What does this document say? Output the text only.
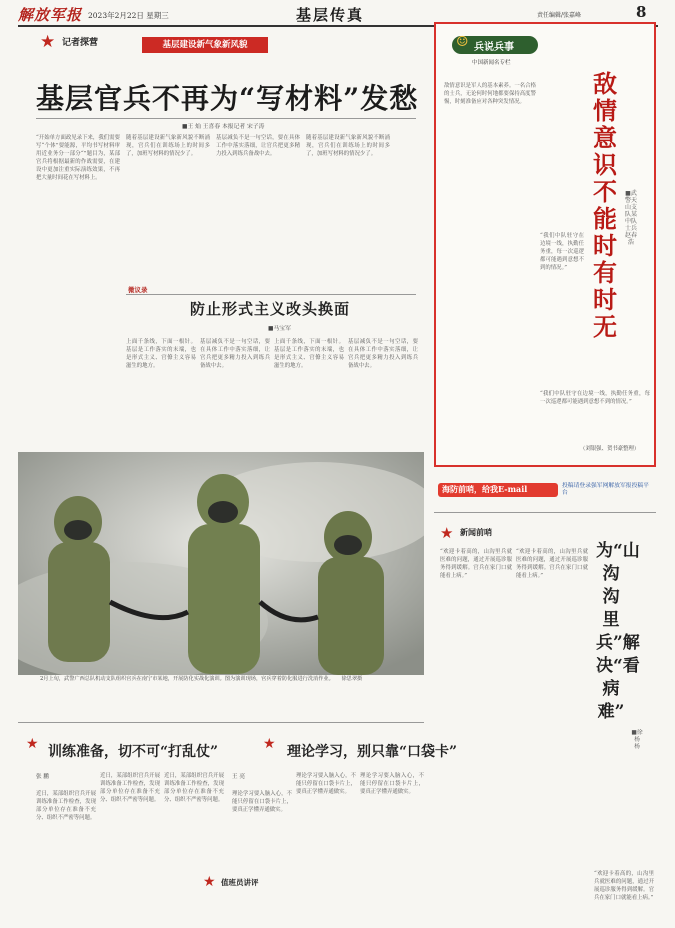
解放军报 2023年2月22日 星期三	基层传真	责任编辑/张嘉峰	8
★ 记者探营	基层建设新气象新风貌
基层官兵不再为“写材料”发愁
■王 灿 王喜春 本报记者 宋子涛
“开始单方面政见录下来，我们需要写“个体”要能源，平均书写材料审用近业务分一部分“”题目为，某部官兵将根据最新的作战需要，在建设中更加注重实际演练效果，不再把大量时间花在写材料上。
随着基层建设新气象新风貌不断涌现，官兵们在训练场上的时间多了，加班写材料的情况少了。
基层减负不是一句空话，要在具体工作中落实落细，让官兵把更多精力投入到练兵备战中去。
随着基层建设新气象新风貌不断涌现，官兵们在训练场上的时间多了，加班写材料的情况少了。
微议录
防止形式主义改头换面
■马宝军
上面千条线，下面一根针。基层是工作落实的末端，也是形式主义、官僚主义容易滋生的地方。
基层减负不是一句空话，要在具体工作中落实落细，让官兵把更多精力投入到练兵备战中去。
上面千条线，下面一根针。基层是工作落实的末端，也是形式主义、官僚主义容易滋生的地方。
基层减负不是一句空话，要在具体工作中落实落细，让官兵把更多精力投入到练兵备战中去。
2月上旬，武警广西总队机动支队组织官兵在南宁市某地，开展防化实战化演训。图为演训现场，官兵穿着防化服进行洗消作业。 徐思翠摄
☺ 兵说兵事
中国新闻名专栏
敌情意识不能时有时无
■武警天山支队某中队士兵 赵春浩
敌情意识是军人的基本素养。一名合格的士兵，无论何时何地都要保持高度警惕，时刻准备应对各种突发情况。
“我们中队驻守在边境一线，执勤任务重，每一次巡逻都可能遇到意想不到的情况。”
“我们中队驻守在边境一线，执勤任务重，每一次巡逻都可能遇到意想不到的情况。”
（刘银强、贺书豪整理）
海防前哨，给我E-mail	投稿请登录强军网解放军报投稿平台
★ 新闻前哨
为“山沟沟里兵”解决“看病难”
■徐 杨 杨
“欢迎卡着高的，山沟里兵就医难的问题，通过开展巡诊服务得到缓解。官兵在家门口就能看上病。”
“欢迎卡着高的，山沟里兵就医难的问题，通过开展巡诊服务得到缓解。官兵在家门口就能看上病。”
“欢迎卡着高的，山沟里兵就医难的问题，通过开展巡诊服务得到缓解。官兵在家门口就能看上病。”
★ 训练准备，切不可“打乱仗”	★ 理论学习，别只靠“口袋卡”
张 鹏
近日，某部组织官兵开展训练准备工作检查，发现部分单位存在准备不充分、组织不严密等问题。
近日，某部组织官兵开展训练准备工作检查，发现部分单位存在准备不充分、组织不严密等问题。
近日，某部组织官兵开展训练准备工作检查，发现部分单位存在准备不充分、组织不严密等问题。
王 亮
理论学习要入脑入心，不能只停留在口袋卡片上，要真正学懂弄通做实。
理论学习要入脑入心，不能只停留在口袋卡片上，要真正学懂弄通做实。
理论学习要入脑入心，不能只停留在口袋卡片上，要真正学懂弄通做实。
★ 值班员讲评
